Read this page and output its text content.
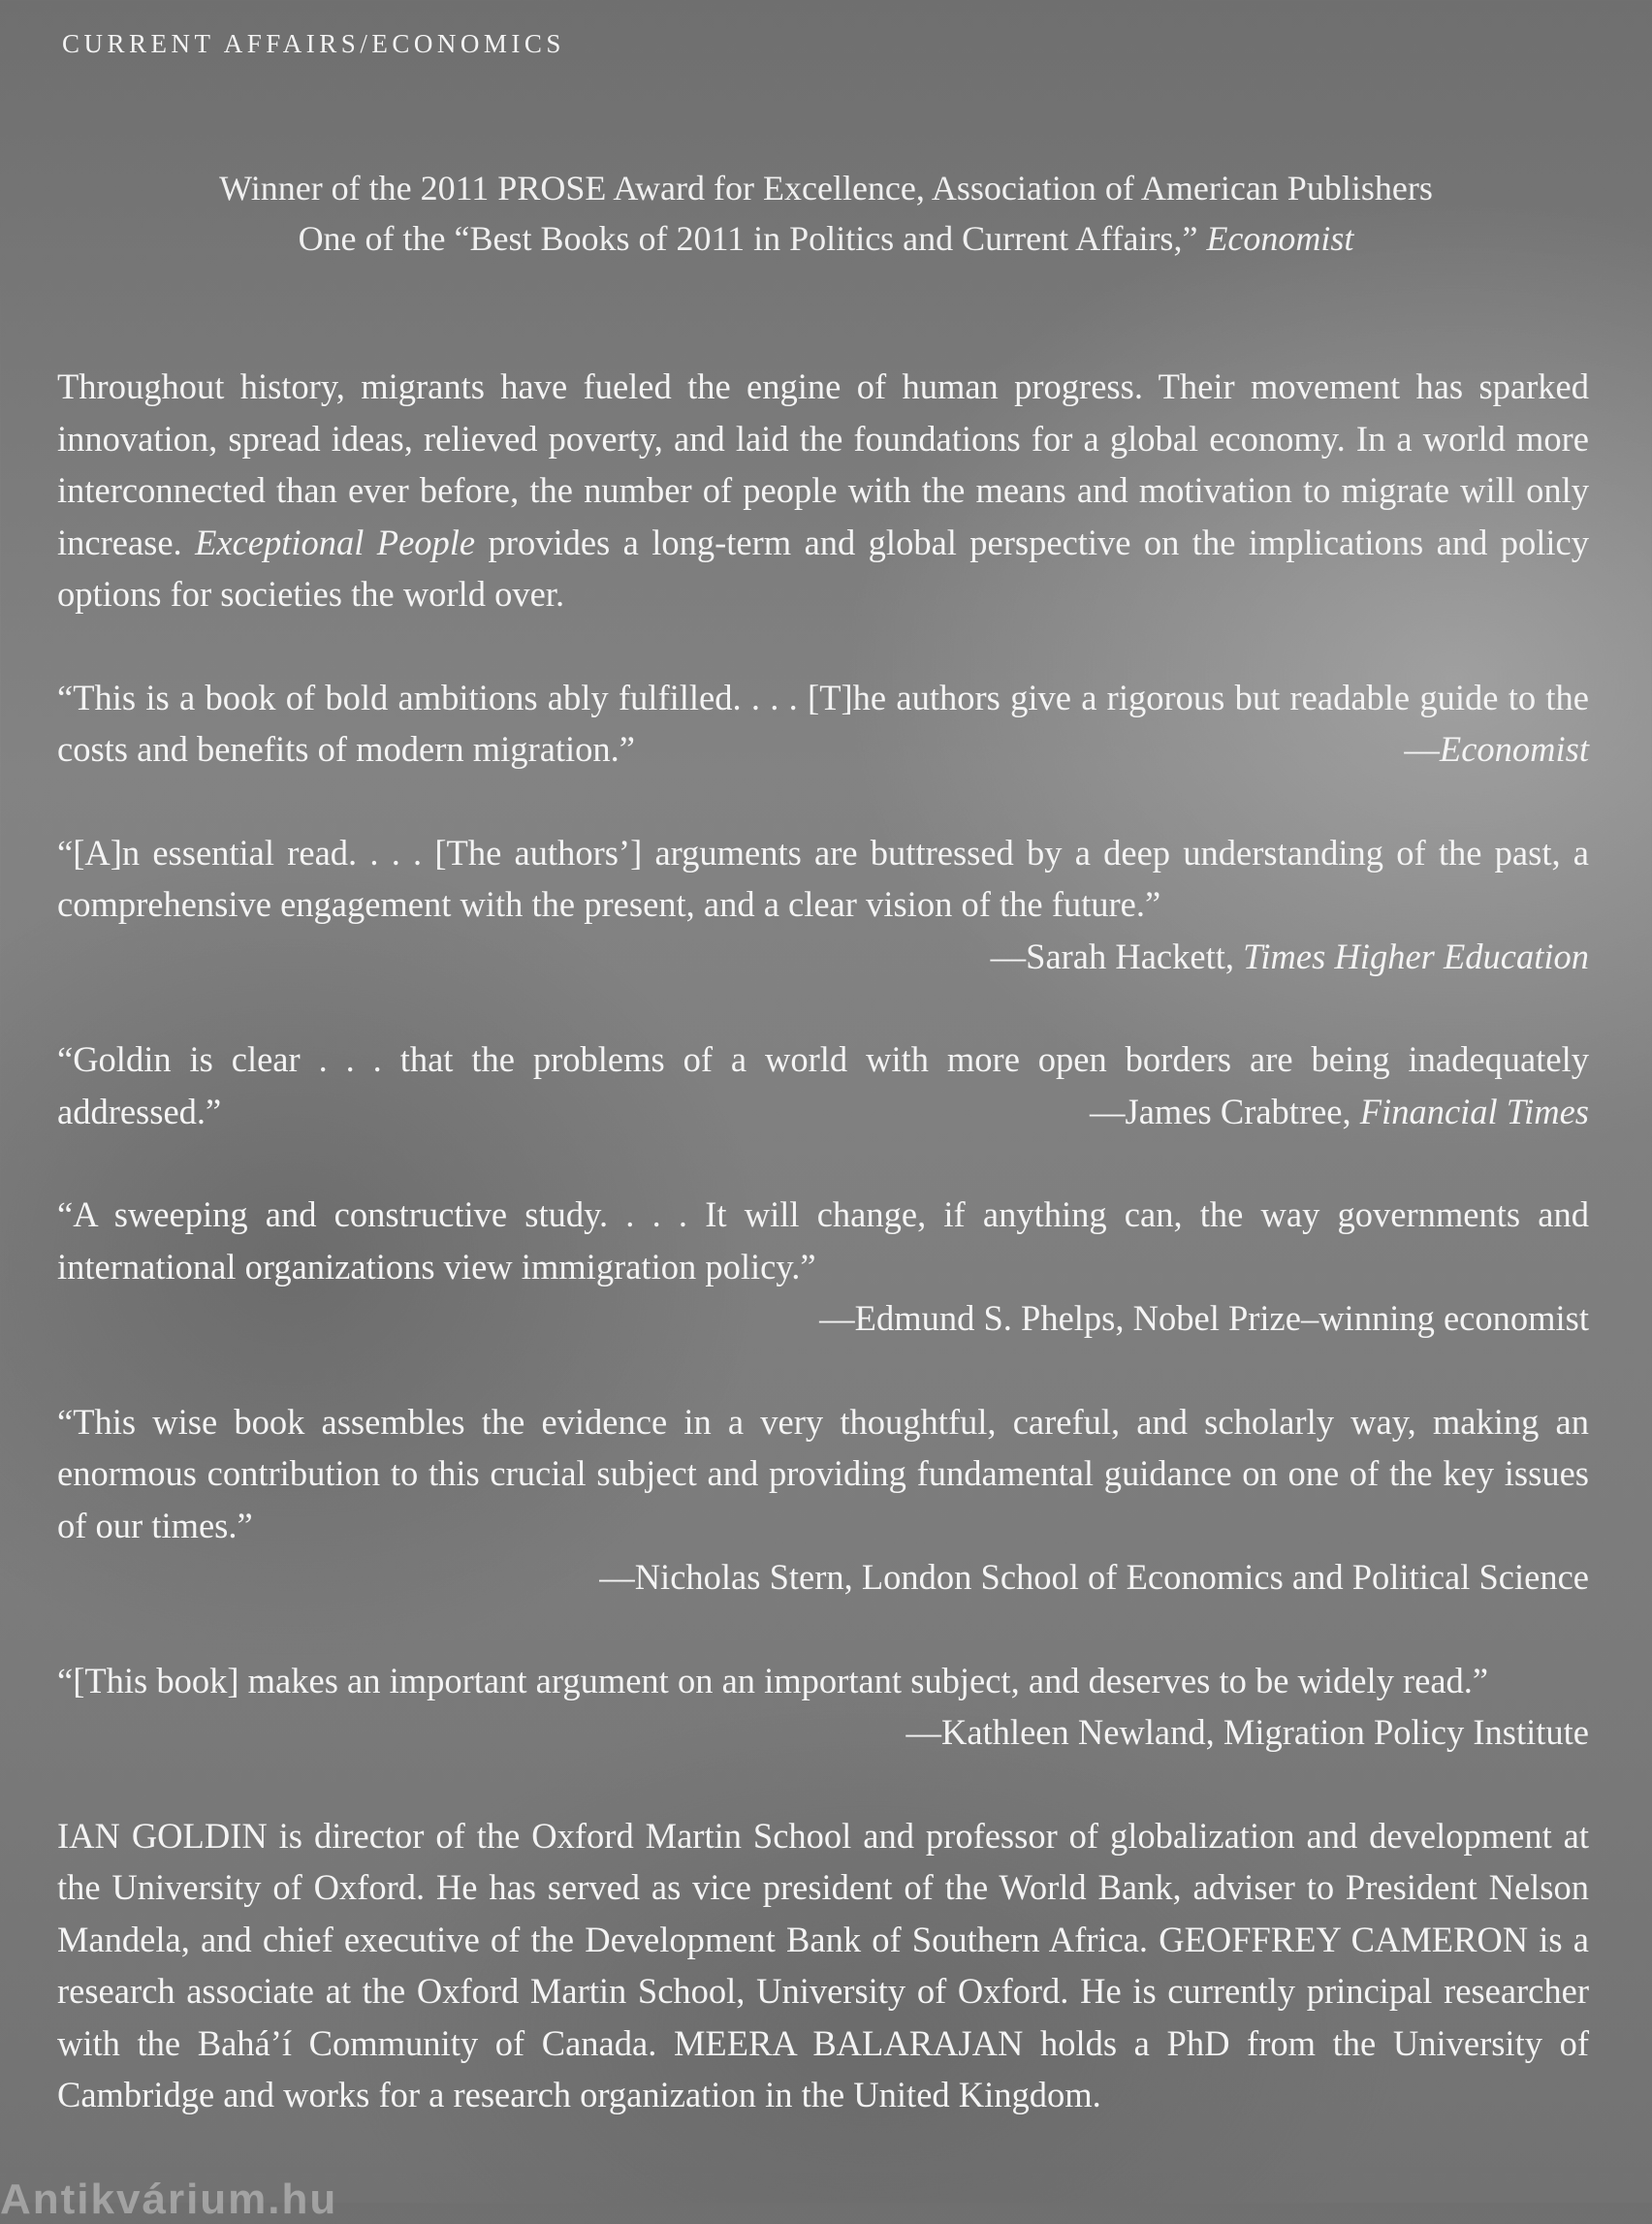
CURRENT AFFAIRS/ECONOMICS

Winner of the 2011 PROSE Award for Excellence, Association of American Publishers
One of the “Best Books of 2011 in Politics and Current Affairs,” Economist

Throughout history, migrants have fueled the engine of human progress. Their movement has sparked innovation, spread ideas, relieved poverty, and laid the foundations for a global economy. In a world more interconnected than ever before, the number of people with the means and motivation to migrate will only increase. Exceptional People provides a long-term and global perspective on the implications and policy options for societies the world over.

“This is a book of bold ambitions ably fulfilled. . . . [T]he authors give a rigorous but readable guide to the costs and benefits of modern migration.”	—Economist

“[A]n essential read. . . . [The authors’] arguments are buttressed by a deep understanding of the past, a comprehensive engagement with the present, and a clear vision of the future.”

—Sarah Hackett, Times Higher Education

“Goldin is clear . . . that the problems of a world with more open borders are being inadequately addressed.”	—James Crabtree, Financial Times

“A sweeping and constructive study. . . . It will change, if anything can, the way governments and international organizations view immigration policy.”

—Edmund S. Phelps, Nobel Prize–winning economist

“This wise book assembles the evidence in a very thoughtful, careful, and scholarly way, making an enormous contribution to this crucial subject and providing fundamental guidance on one of the key issues of our times.”

—Nicholas Stern, London School of Economics and Political Science

“[This book] makes an important argument on an important subject, and deserves to be widely read.”
—Kathleen Newland, Migration Policy Institute

IAN GOLDIN is director of the Oxford Martin School and professor of globalization and development at the University of Oxford. He has served as vice president of the World Bank, adviser to President Nelson Mandela, and chief executive of the Development Bank of Southern Africa. GEOFFREY CAMERON is a research associate at the Oxford Martin School, University of Oxford. He is currently principal researcher with the Bahá’í Community of Canada. MEERA BALARAJAN holds a PhD from the University of Cambridge and works for a research organization in the United Kingdom.

Antikvárium.hu
